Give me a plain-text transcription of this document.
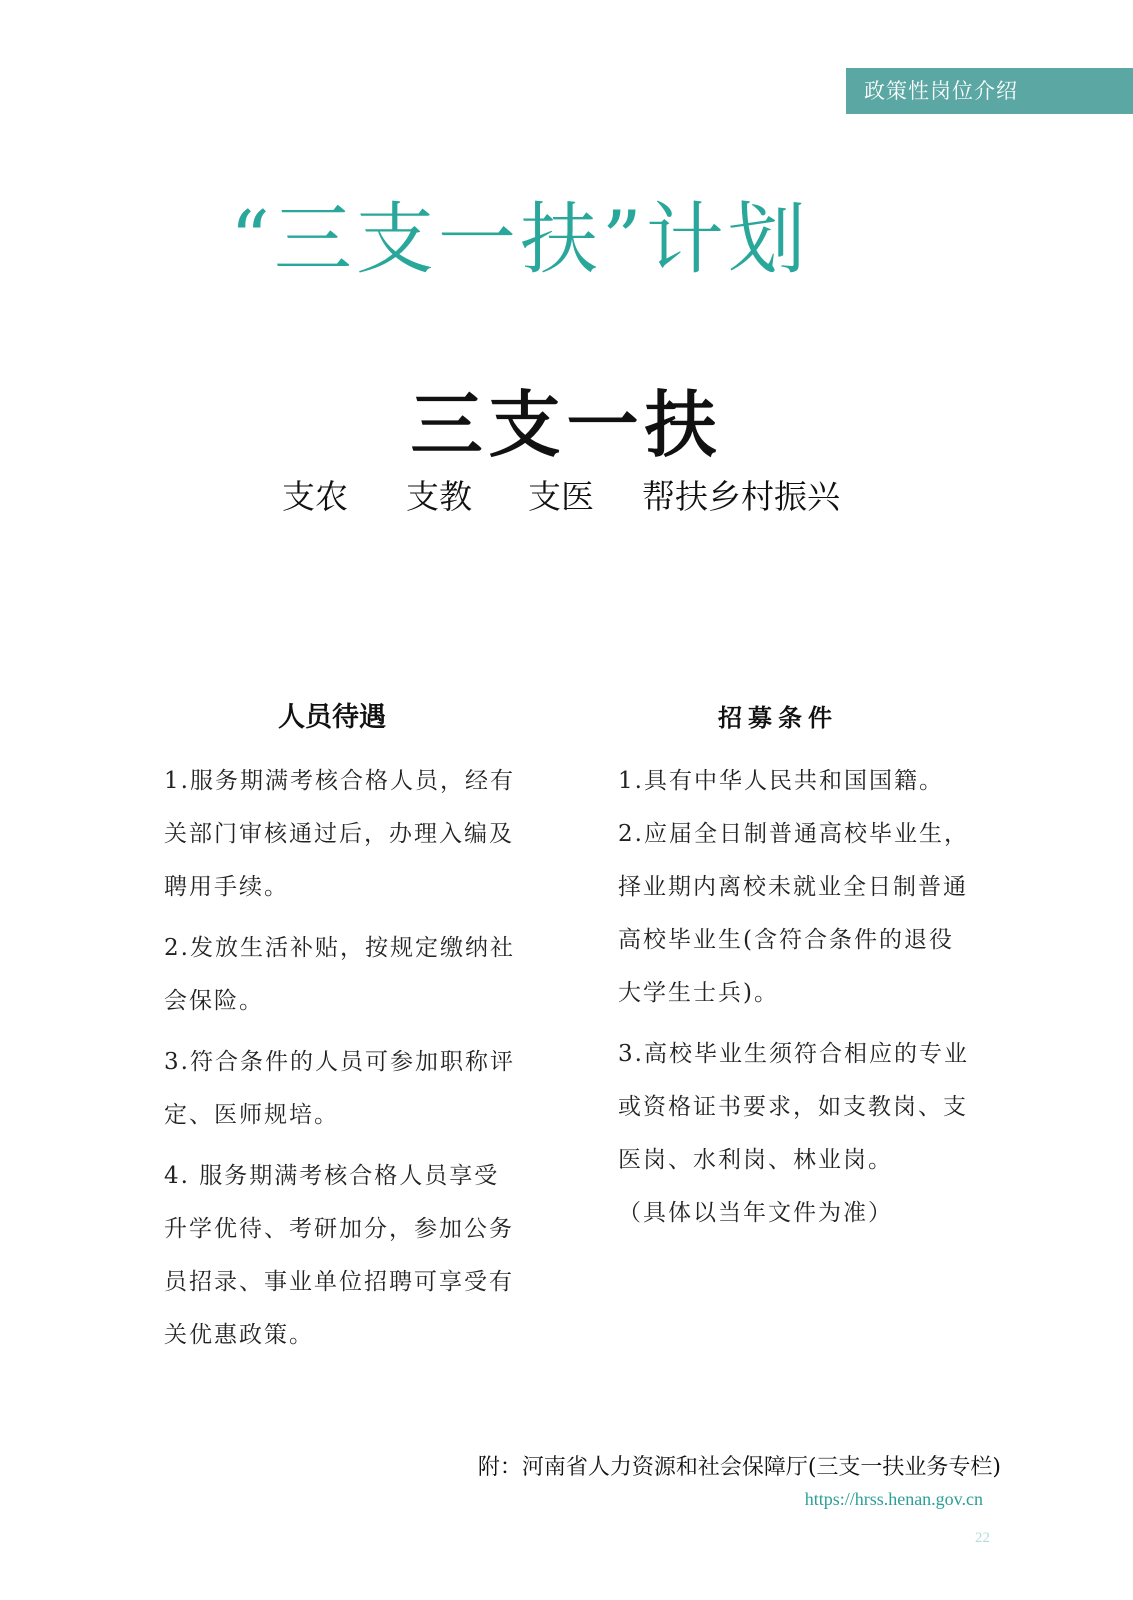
政策性岗位介绍
“三支一扶”计划
三支一扶
支农 支教 支医 帮扶乡村振兴
人员待遇	招募条件

1.服务期满考核合格人员，经有关部门审核通过后，办理入编及聘用手续。

2.发放生活补贴，按规定缴纳社会保险。

3.符合条件的人员可参加职称评定、医师规培。

4. 服务期满考核合格人员享受升学优待、考研加分，参加公务员招录、事业单位招聘可享受有关优惠政策。

1.具有中华人民共和国国籍。

2.应届全日制普通高校毕业生，择业期内离校未就业全日制普通高校毕业生(含符合条件的退役大学生士兵)。

3.高校毕业生须符合相应的专业或资格证书要求，如支教岗、支医岗、水利岗、林业岗。

（具体以当年文件为准）

附：河南省人力资源和社会保障厅(三支一扶业务专栏)
https://hrss.henan.gov.cn
22
